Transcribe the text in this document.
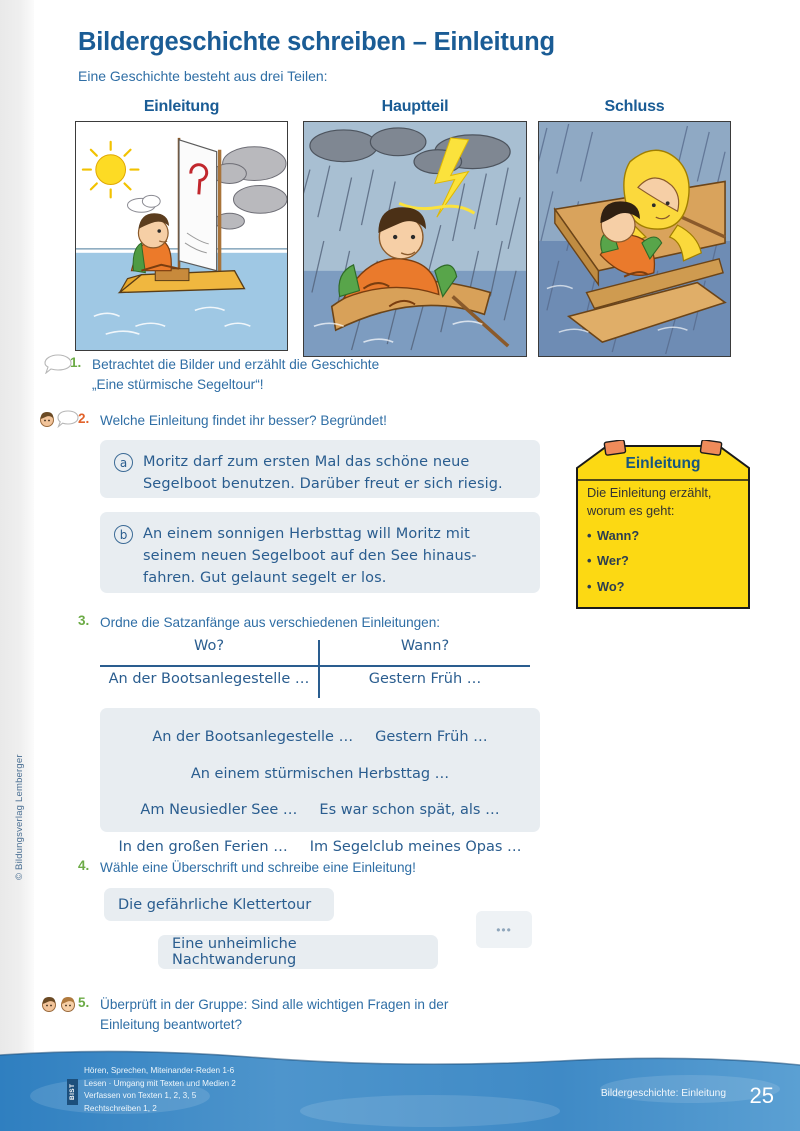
© Bildungsverlag Lemberger
Bildergeschichte schreiben – Einleitung
Eine Geschichte besteht aus drei Teilen:
Einleitung	Hauptteil	Schluss
1. Betrachtet die Bilder und erzählt die Geschichte
„Eine stürmische Segeltour“!
2. Welche Einleitung findet ihr besser? Begründet!
a	Moritz darf zum ersten Mal das schöne neue
Segelboot benutzen. Darüber freut er sich riesig.
b	An einem sonnigen Herbsttag will Moritz mit
seinem neuen Segelboot auf den See hinaus-
fahren. Gut gelaunt segelt er los.
Einleitung
Die Einleitung erzählt,
worum es geht:
• Wann?
• Wer?
• Wo?
3. Ordne die Satzanfänge aus verschiedenen Einleitungen:
Wo?	Wann?
An der Bootsanlegestelle …	Gestern Früh …
An der Bootsanlegestelle … Gestern Früh …
An einem stürmischen Herbsttag …
Am Neusiedler See … Es war schon spät, als …
In den großen Ferien … Im Segelclub meines Opas …
4. Wähle eine Überschrift und schreibe eine Einleitung!
Die gefährliche Klettertour
Eine unheimliche Nachtwanderung
•••
5. Überprüft in der Gruppe: Sind alle wichtigen Fragen in der
Einleitung beantwortet?
BIST
Hören, Sprechen, Miteinander-Reden 1-6
Lesen · Umgang mit Texten und Medien 2
Verfassen von Texten 1, 2, 3, 5
Rechtschreiben 1, 2
Bildergeschichte: Einleitung 25
